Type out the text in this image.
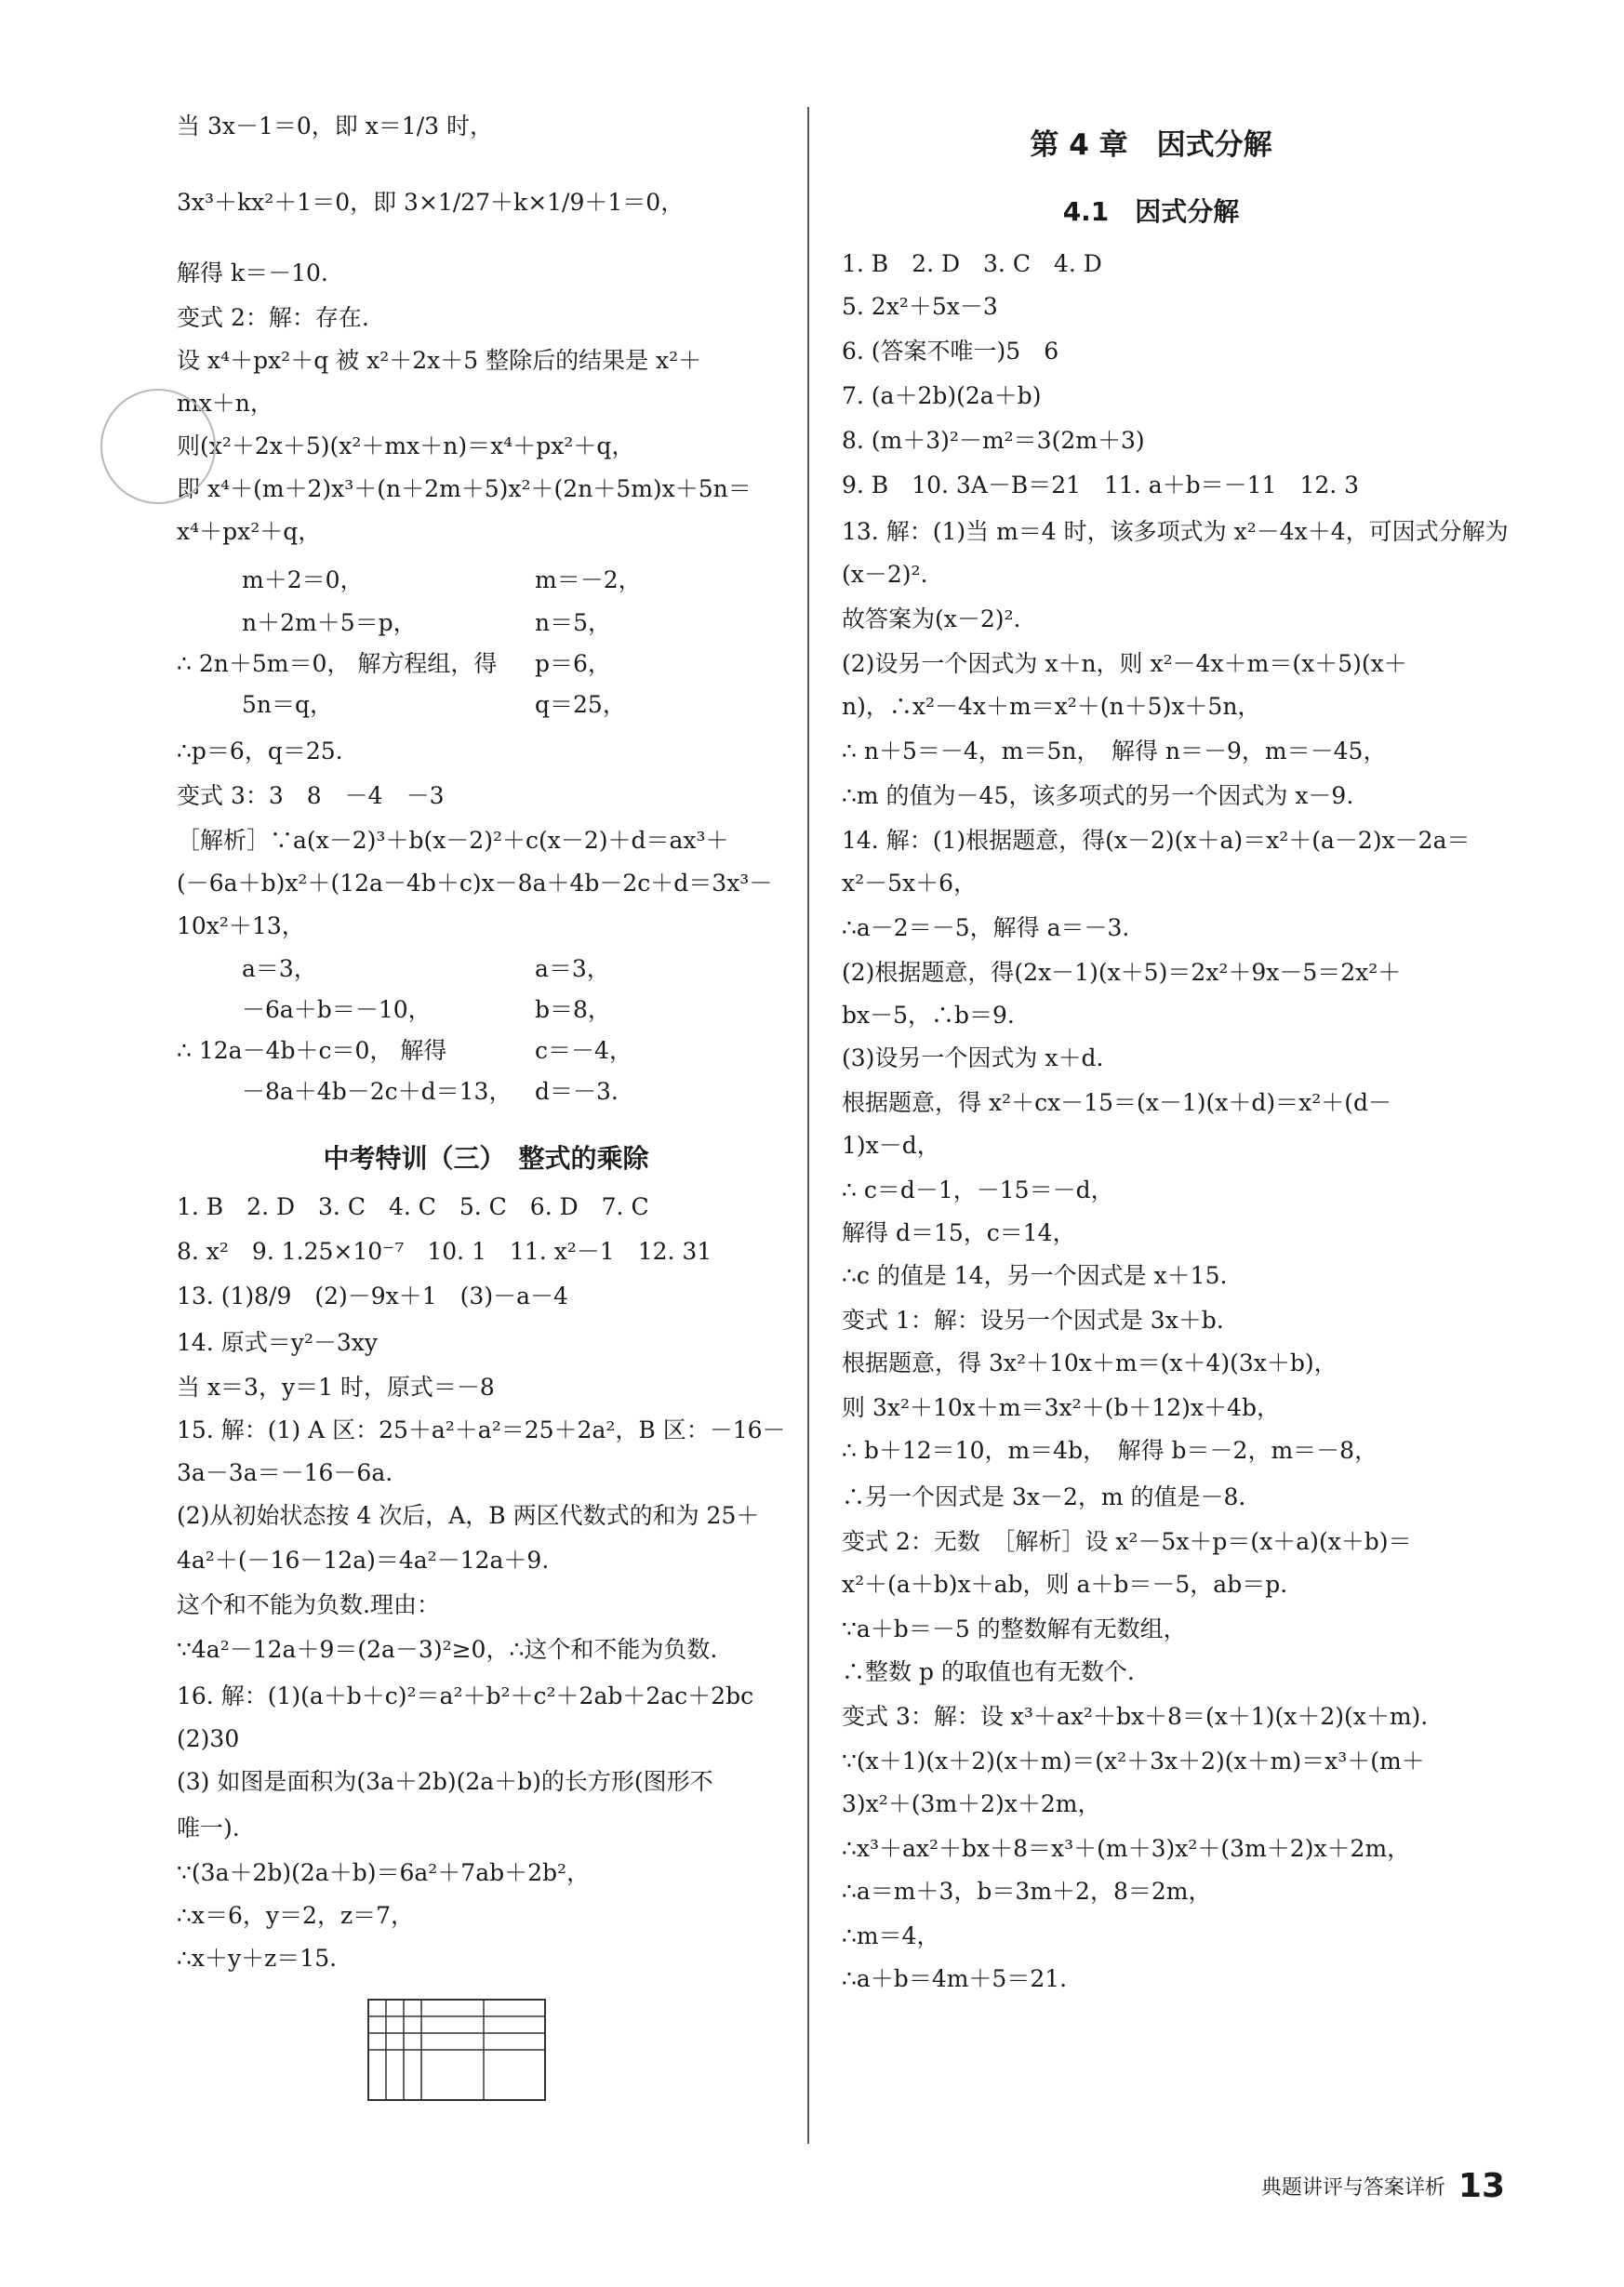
当 3x－1＝0，即 x＝1/3 时，
3x³＋kx²＋1＝0，即 3×1/27＋k×1/9＋1＝0，
解得 k＝－10.
变式 2：解：存在.
设 x⁴＋px²＋q 被 x²＋2x＋5 整除后的结果是 x²＋
mx＋n，
则(x²＋2x＋5)(x²＋mx＋n)＝x⁴＋px²＋q，
即 x⁴＋(m＋2)x³＋(n＋2m＋5)x²＋(2n＋5m)x＋5n＝
x⁴＋px²＋q，
m＋2＝0，
n＋2m＋5＝p，
∴ 2n＋5m＝0， 解方程组，得
5n＝q，
m＝－2，
n＝5，
p＝6，
q＝25，
∴p＝6，q＝25.
变式 3：3　8　－4　－3
［解析］∵a(x－2)³＋b(x－2)²＋c(x－2)＋d＝ax³＋
(－6a＋b)x²＋(12a－4b＋c)x－8a＋4b－2c＋d＝3x³－
10x²＋13，
a＝3，
－6a＋b＝－10，
∴ 12a－4b＋c＝0， 解得
－8a＋4b－2c＋d＝13，
a＝3，
b＝8，
c＝－4，
d＝－3.
中考特训（三）　整式的乘除
1. B　2. D　3. C　4. C　5. C　6. D　7. C
8. x²　9. 1.25×10⁻⁷　10. 1　11. x²－1　12. 31
13. (1)8/9　(2)－9x＋1　(3)－a－4
14. 原式＝y²－3xy
当 x＝3，y＝1 时，原式＝－8
15. 解：(1) A 区：25＋a²＋a²＝25＋2a²，B 区：－16－
3a－3a＝－16－6a.
(2)从初始状态按 4 次后，A，B 两区代数式的和为 25＋
4a²＋(－16－12a)＝4a²－12a＋9.
这个和不能为负数.理由：
∵4a²－12a＋9＝(2a－3)²≥0，∴这个和不能为负数.
16. 解：(1)(a＋b＋c)²＝a²＋b²＋c²＋2ab＋2ac＋2bc
(2)30
(3) 如图是面积为(3a＋2b)(2a＋b)的长方形(图形不
唯一).
∵(3a＋2b)(2a＋b)＝6a²＋7ab＋2b²，
∴x＝6，y＝2，z＝7，
∴x＋y＋z＝15.
第 4 章　因式分解
4.1　因式分解
1. B　2. D　3. C　4. D
5. 2x²＋5x－3
6. (答案不唯一)5　6
7. (a＋2b)(2a＋b)
8. (m＋3)²－m²＝3(2m＋3)
9. B　10. 3A－B＝21　11. a＋b＝－11　12. 3
13. 解：(1)当 m＝4 时，该多项式为 x²－4x＋4，可因式分解为
(x－2)².
故答案为(x－2)².
(2)设另一个因式为 x＋n，则 x²－4x＋m＝(x＋5)(x＋
n)，∴x²－4x＋m＝x²＋(n＋5)x＋5n，
∴ n＋5＝－4，m＝5n，　解得 n＝－9，m＝－45，
∴m 的值为－45，该多项式的另一个因式为 x－9.
14. 解：(1)根据题意，得(x－2)(x＋a)＝x²＋(a－2)x－2a＝
x²－5x＋6，
∴a－2＝－5，解得 a＝－3.
(2)根据题意，得(2x－1)(x＋5)＝2x²＋9x－5＝2x²＋
bx－5，∴b＝9.
(3)设另一个因式为 x＋d.
根据题意，得 x²＋cx－15＝(x－1)(x＋d)＝x²＋(d－
1)x－d，
∴ c＝d－1，－15＝－d，
解得 d＝15，c＝14，
∴c 的值是 14，另一个因式是 x＋15.
变式 1：解：设另一个因式是 3x＋b.
根据题意，得 3x²＋10x＋m＝(x＋4)(3x＋b)，
则 3x²＋10x＋m＝3x²＋(b＋12)x＋4b，
∴ b＋12＝10，m＝4b，　解得 b＝－2，m＝－8，
∴另一个因式是 3x－2，m 的值是－8.
变式 2：无数　［解析］设 x²－5x＋p＝(x＋a)(x＋b)＝
x²＋(a＋b)x＋ab，则 a＋b＝－5，ab＝p.
∵a＋b＝－5 的整数解有无数组，
∴整数 p 的取值也有无数个.
变式 3：解：设 x³＋ax²＋bx＋8＝(x＋1)(x＋2)(x＋m).
∵(x＋1)(x＋2)(x＋m)＝(x²＋3x＋2)(x＋m)＝x³＋(m＋
3)x²＋(3m＋2)x＋2m，
∴x³＋ax²＋bx＋8＝x³＋(m＋3)x²＋(3m＋2)x＋2m，
∴a＝m＋3，b＝3m＋2，8＝2m，
∴m＝4，
∴a＋b＝4m＋5＝21.
典题讲评与答案详析 13
